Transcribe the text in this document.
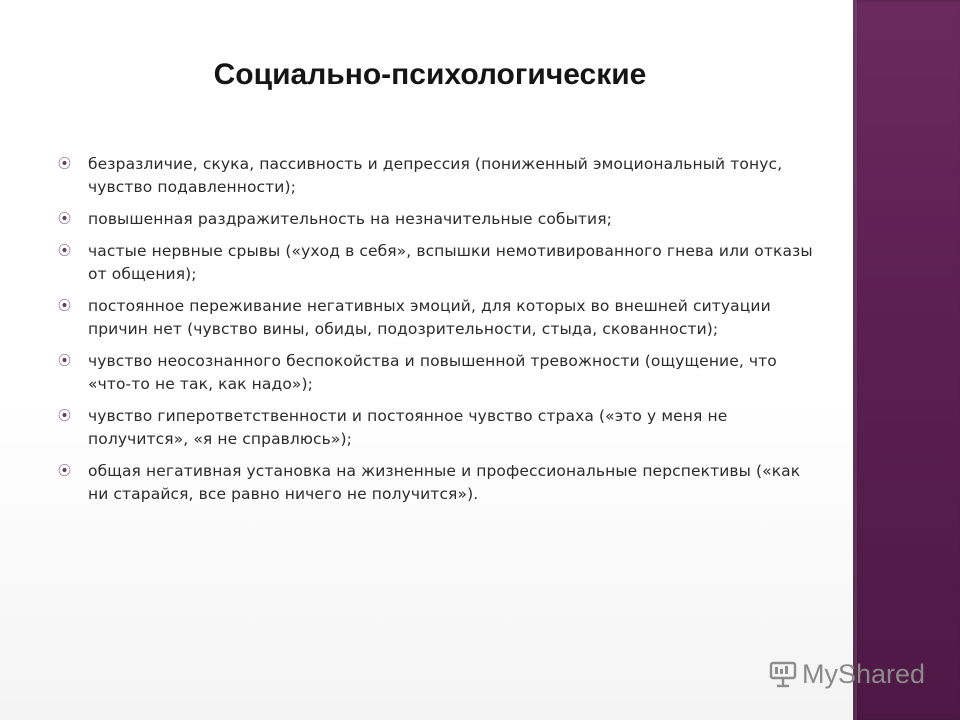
Социально-психологические
⦿	безразличие, скука, пассивность и депрессия (пониженный эмоциональный тонус, чувство подавленности);
⦿	повышенная раздражительность на незначительные события;
⦿	частые нервные срывы («уход в себя», вспышки немотивированного гнева или отказы от общения);
⦿	постоянное переживание негативных эмоций, для которых во внешней ситуации причин нет (чувство вины, обиды, подозрительности, стыда, скованности);
⦿	чувство неосознанного беспокойства и повышенной тревожности (ощущение, что «что-то не так, как надо»);
⦿	чувство гиперответственности и постоянное чувство страха («это у меня не получится», «я не справлюсь»);
⦿	общая негативная установка на жизненные и профессиональные перспективы («как ни старайся, все равно ничего не получится»).
MyShared
